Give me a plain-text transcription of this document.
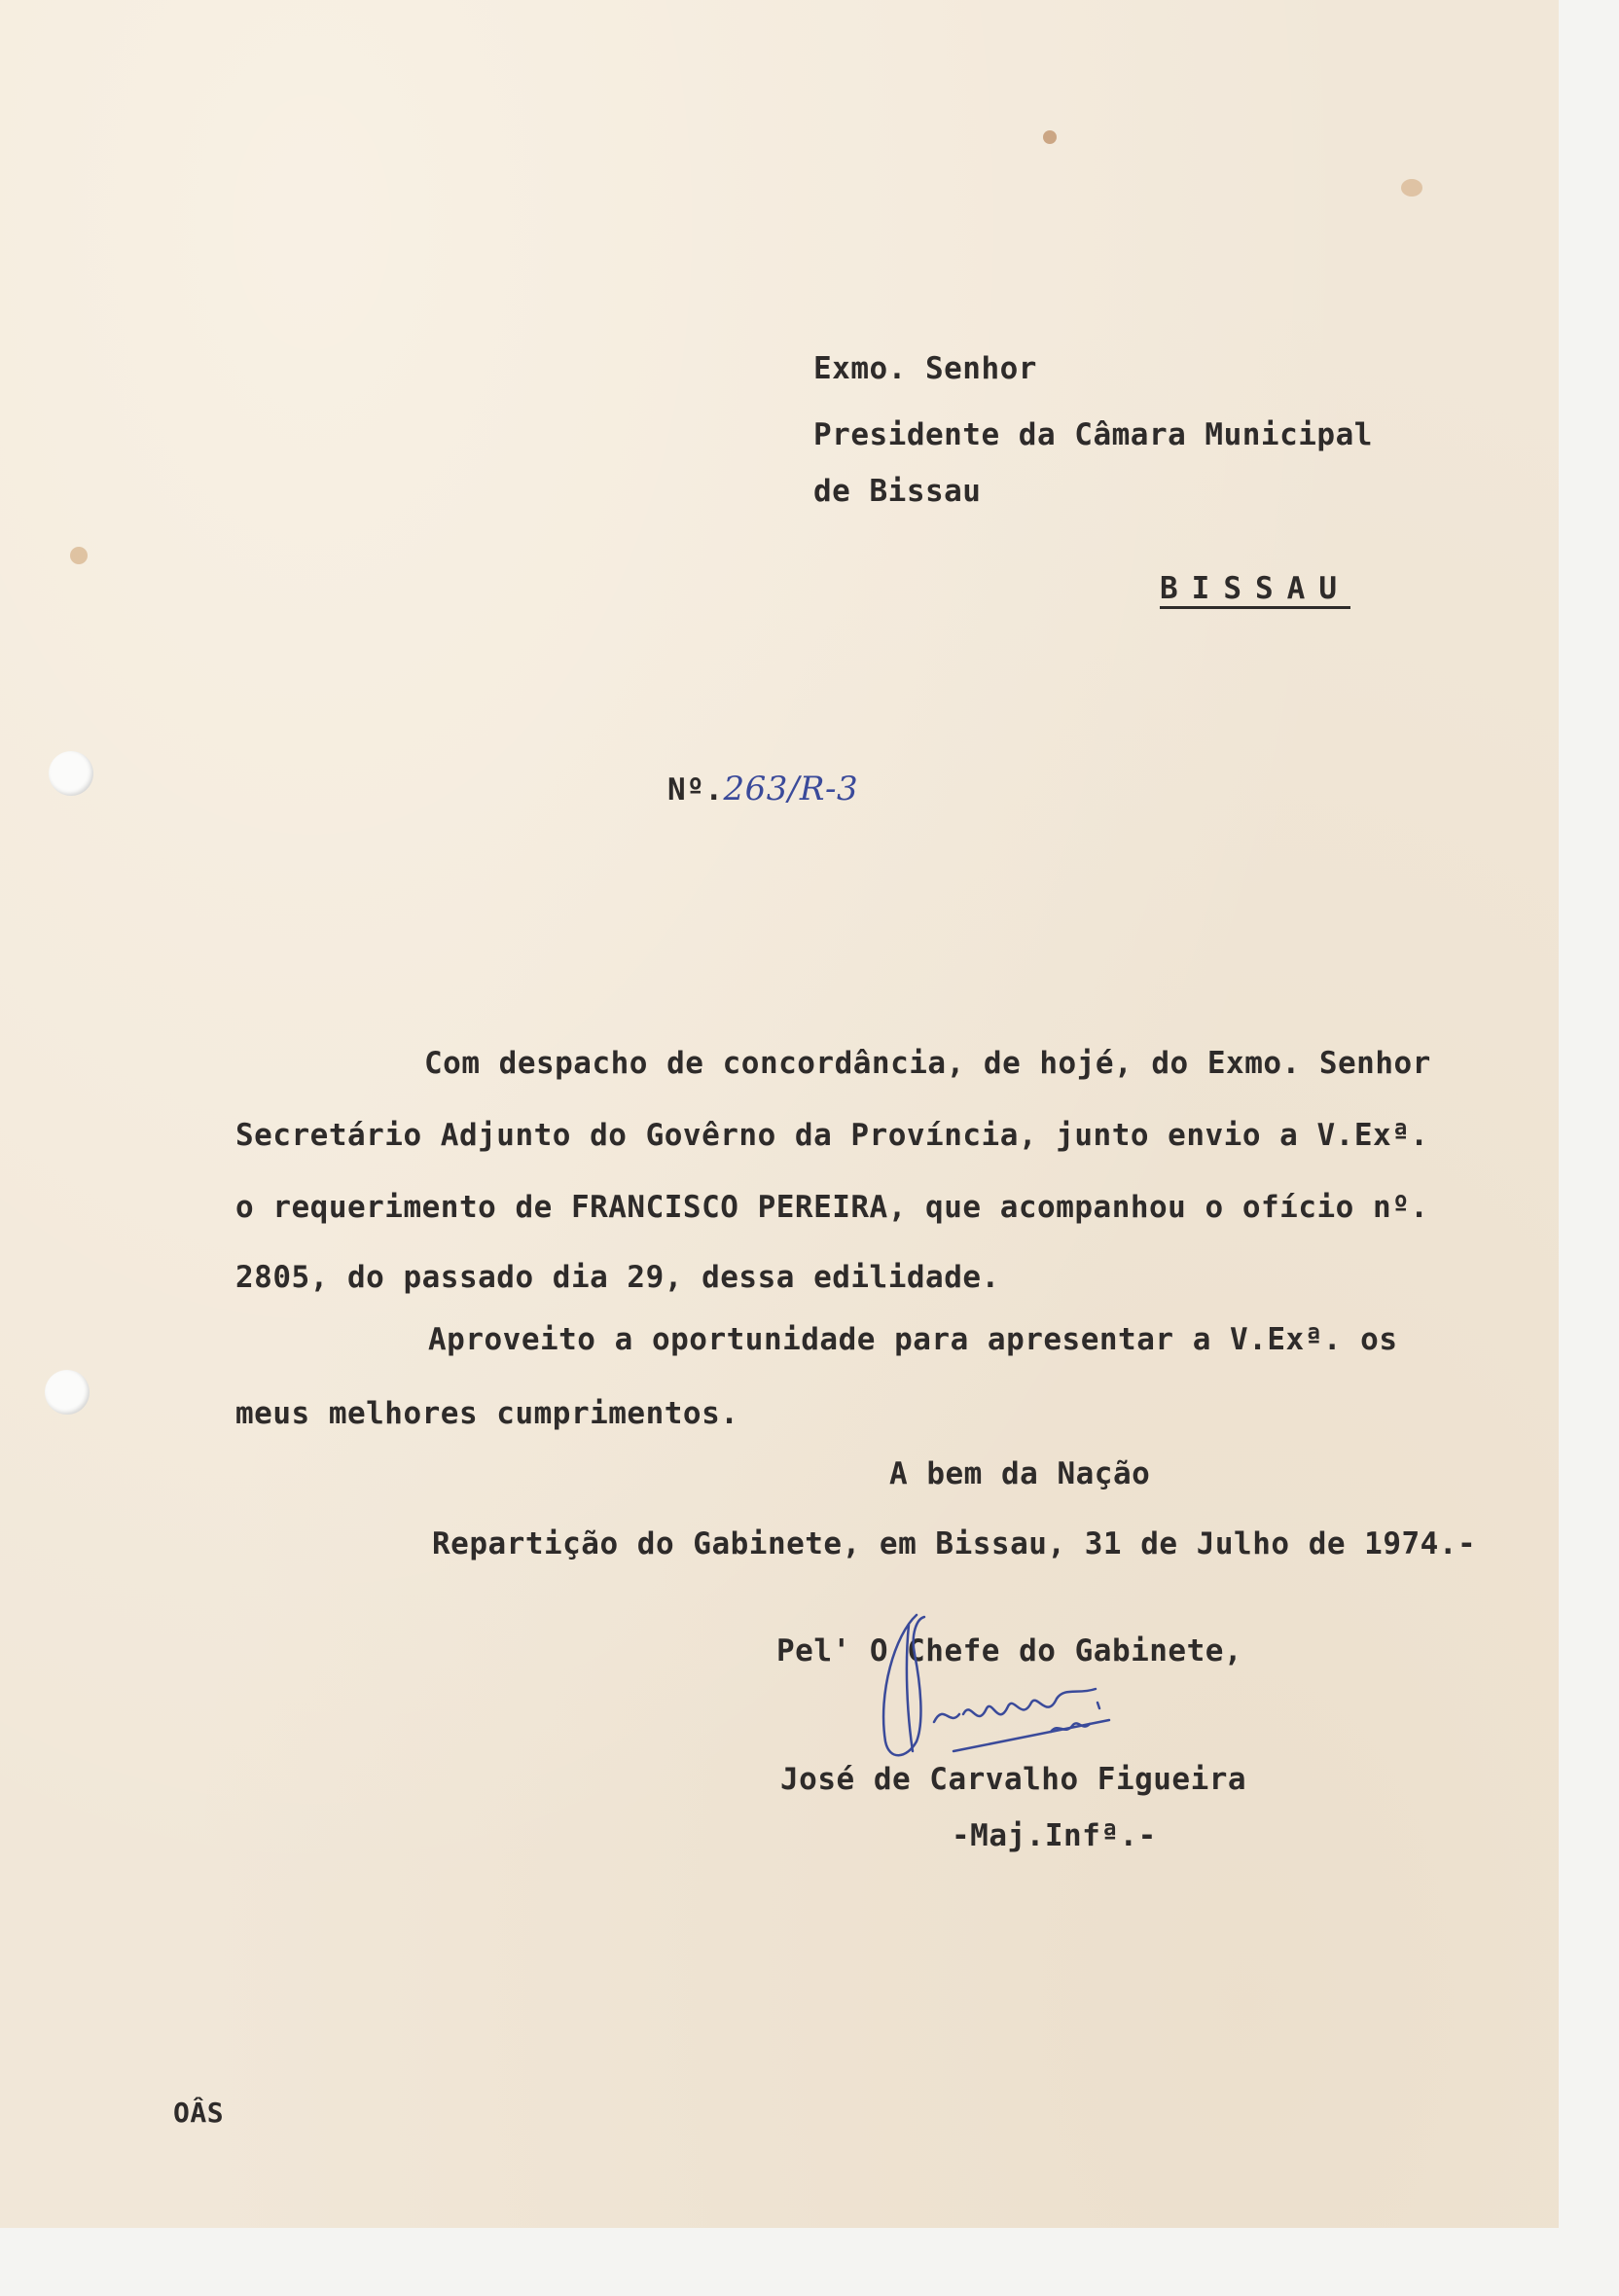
Exmo. Senhor
Presidente da Câmara Municipal
de Bissau
BISSAU
Nº.263/R-3
Com despacho de concordância, de hojé, do Exmo. Senhor
Secretário Adjunto do Govêrno da Província, junto envio a V.Exª.
o requerimento de FRANCISCO PEREIRA, que acompanhou o ofício nº.
2805, do passado dia 29, dessa edilidade.
Aproveito a oportunidade para apresentar a V.Exª. os
meus melhores cumprimentos.
A bem da Nação
Repartição do Gabinete, em Bissau, 31 de Julho de 1974.-
Pel' O Chefe do Gabinete,
José de Carvalho Figueira
-Maj.Infª.-
OÂS
